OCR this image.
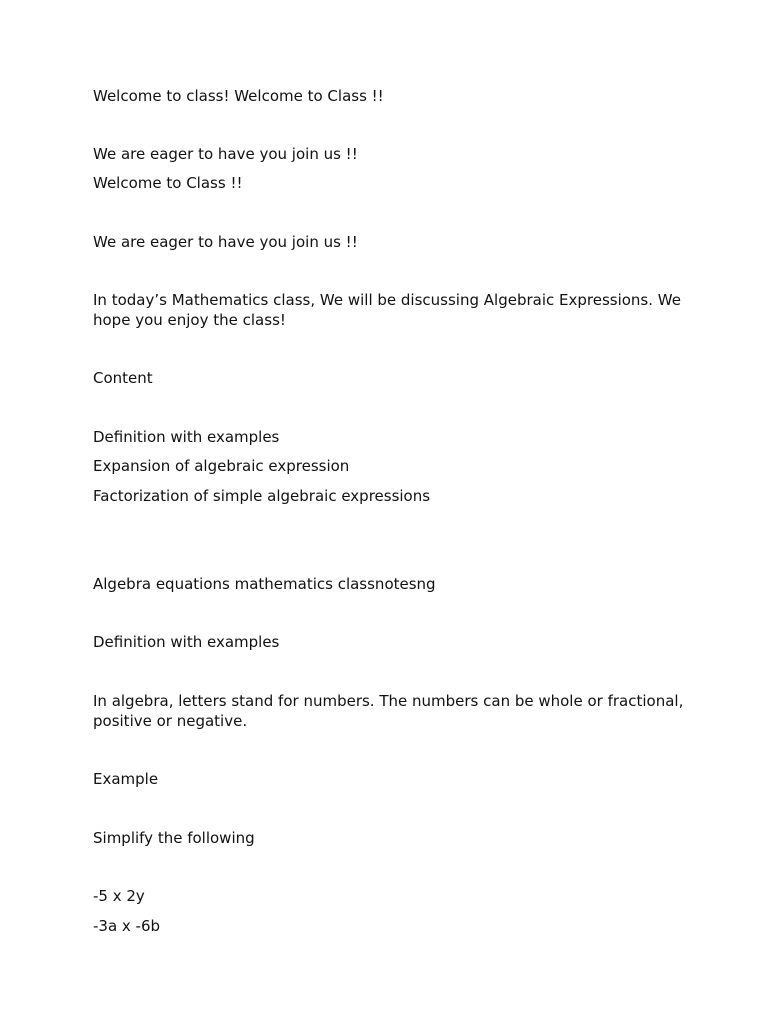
Welcome to class! Welcome to Class !!

We are eager to have you join us !!

Welcome to Class !!

We are eager to have you join us !!

In today’s Mathematics class, We will be discussing Algebraic Expressions. We hope you enjoy the class!

Content

Definition with examples

Expansion of algebraic expression

Factorization of simple algebraic expressions

Algebra equations mathematics classnotesng

Definition with examples

In algebra, letters stand for numbers. The numbers can be whole or fractional, positive or negative.

Example

Simplify the following

-5 x 2y

-3a x -6b
